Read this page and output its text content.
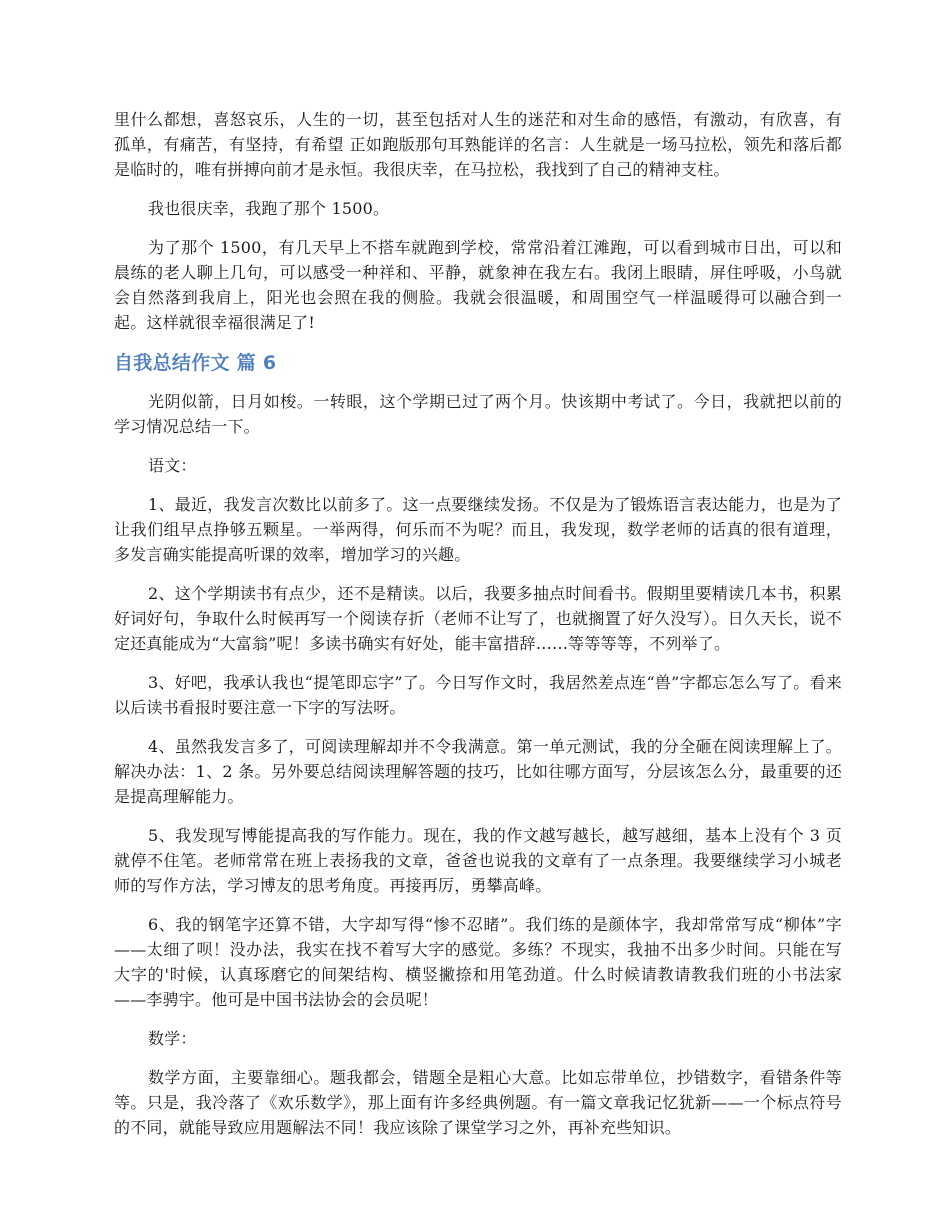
里什么都想，喜怒哀乐，人生的一切，甚至包括对人生的迷茫和对生命的感悟，有激动，有欣喜，有孤单，有痛苦，有坚持，有希望 正如跑版那句耳熟能详的名言：人生就是一场马拉松，领先和落后都是临时的，唯有拼搏向前才是永恒。我很庆幸，在马拉松，我找到了自己的精神支柱。

我也很庆幸，我跑了那个 1500。

为了那个 1500，有几天早上不搭车就跑到学校，常常沿着江滩跑，可以看到城市日出，可以和晨练的老人聊上几句，可以感受一种祥和、平静，就象神在我左右。我闭上眼睛，屏住呼吸，小鸟就会自然落到我肩上，阳光也会照在我的侧脸。我就会很温暖，和周围空气一样温暖得可以融合到一起。这样就很幸福很满足了!

自我总结作文 篇 6

光阴似箭，日月如梭。一转眼，这个学期已过了两个月。快该期中考试了。今日，我就把以前的学习情况总结一下。

语文：

1、最近，我发言次数比以前多了。这一点要继续发扬。不仅是为了锻炼语言表达能力，也是为了让我们组早点挣够五颗星。一举两得，何乐而不为呢？而且，我发现，数学老师的话真的很有道理，多发言确实能提高听课的效率，增加学习的兴趣。

2、这个学期读书有点少，还不是精读。以后，我要多抽点时间看书。假期里要精读几本书，积累好词好句，争取什么时候再写一个阅读存折（老师不让写了，也就搁置了好久没写）。日久天长，说不定还真能成为“大富翁”呢！多读书确实有好处，能丰富措辞……等等等等，不列举了。

3、好吧，我承认我也“提笔即忘字”了。今日写作文时，我居然差点连“兽”字都忘怎么写了。看来以后读书看报时要注意一下字的写法呀。

4、虽然我发言多了，可阅读理解却并不令我满意。第一单元测试，我的分全砸在阅读理解上了。解决办法：1、2 条。另外要总结阅读理解答题的技巧，比如往哪方面写，分层该怎么分，最重要的还是提高理解能力。

5、我发现写博能提高我的写作能力。现在，我的作文越写越长，越写越细，基本上没有个 3 页就停不住笔。老师常常在班上表扬我的文章，爸爸也说我的文章有了一点条理。我要继续学习小城老师的写作方法，学习博友的思考角度。再接再厉，勇攀高峰。

6、我的钢笔字还算不错，大字却写得“惨不忍睹”。我们练的是颜体字，我却常常写成“柳体”字——太细了呗！没办法，我实在找不着写大字的感觉。多练？不现实，我抽不出多少时间。只能在写大字的'时候，认真琢磨它的间架结构、横竖撇捺和用笔劲道。什么时候请教请教我们班的小书法家——李骋宇。他可是中国书法协会的会员呢！

数学：

数学方面，主要靠细心。题我都会，错题全是粗心大意。比如忘带单位，抄错数字，看错条件等等。只是，我冷落了《欢乐数学》，那上面有许多经典例题。有一篇文章我记忆犹新——一个标点符号的不同，就能导致应用题解法不同！我应该除了课堂学习之外，再补充些知识。
